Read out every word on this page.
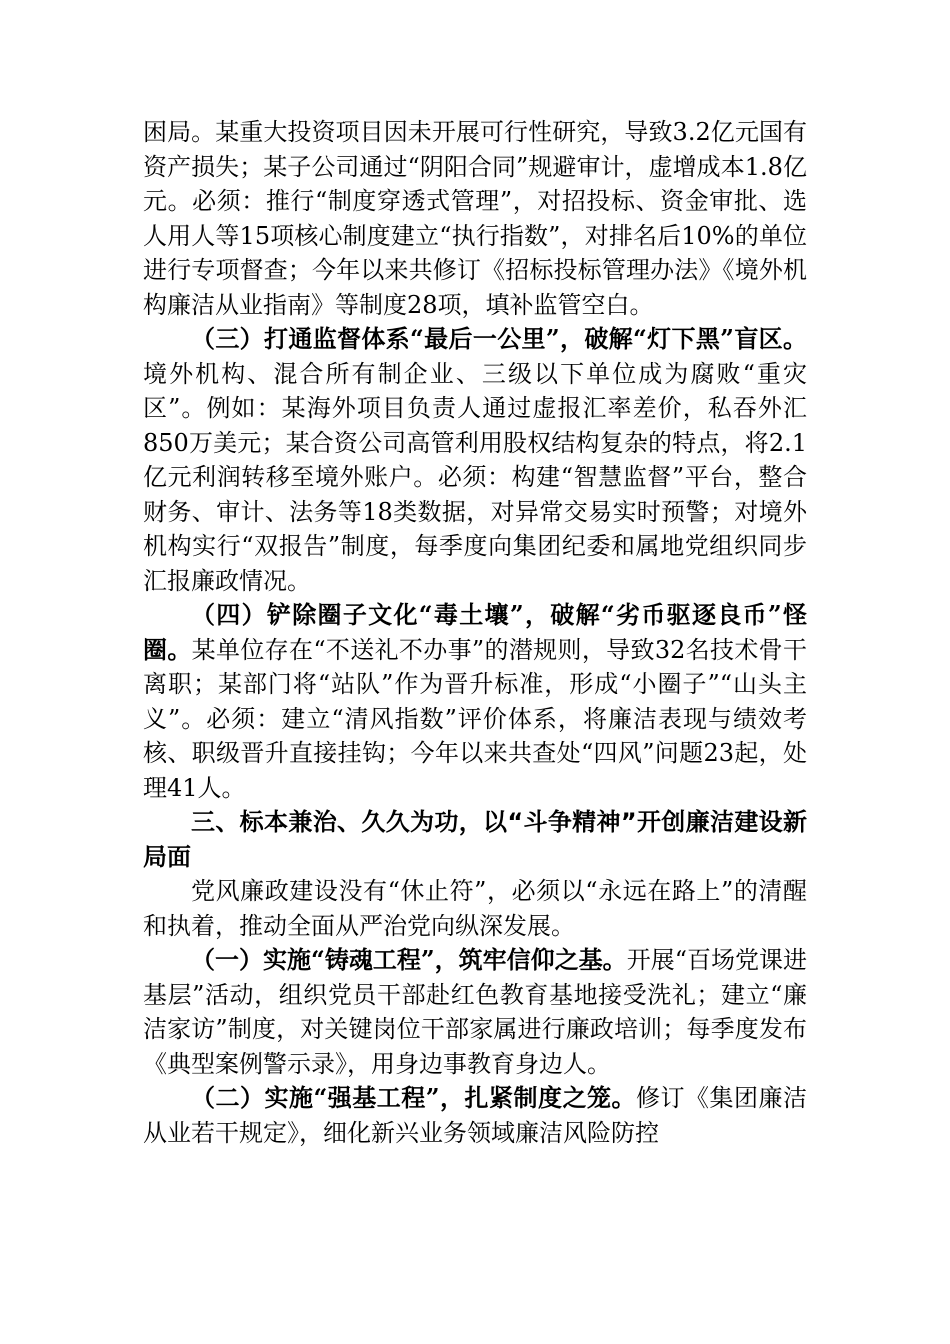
困局。某重大投资项目因未开展可行性研究，导致3.2亿元国有资产损失；某子公司通过“阴阳合同”规避审计，虚增成本1.8亿元。必须：推行“制度穿透式管理”，对招投标、资金审批、选人用人等15项核心制度建立“执行指数”，对排名后10%的单位进行专项督查；今年以来共修订《招标投标管理办法》《境外机构廉洁从业指南》等制度28项，填补监管空白。

（三）打通监督体系“最后一公里”，破解“灯下黑”盲区。境外机构、混合所有制企业、三级以下单位成为腐败“重灾区”。例如：某海外项目负责人通过虚报汇率差价，私吞外汇850万美元；某合资公司高管利用股权结构复杂的特点，将2.1亿元利润转移至境外账户。必须：构建“智慧监督”平台，整合财务、审计、法务等18类数据，对异常交易实时预警；对境外机构实行“双报告”制度，每季度向集团纪委和属地党组织同步汇报廉政情况。

（四）铲除圈子文化“毒土壤”，破解“劣币驱逐良币”怪圈。某单位存在“不送礼不办事”的潜规则，导致32名技术骨干离职；某部门将“站队”作为晋升标准，形成“小圈子”“山头主义”。必须：建立“清风指数”评价体系，将廉洁表现与绩效考核、职级晋升直接挂钩；今年以来共查处“四风”问题23起，处理41人。

三、标本兼治、久久为功，以“斗争精神”开创廉洁建设新局面

党风廉政建设没有“休止符”，必须以“永远在路上”的清醒和执着，推动全面从严治党向纵深发展。

（一）实施“铸魂工程”，筑牢信仰之基。开展“百场党课进基层”活动，组织党员干部赴红色教育基地接受洗礼；建立“廉洁家访”制度，对关键岗位干部家属进行廉政培训；每季度发布《典型案例警示录》，用身边事教育身边人。

（二）实施“强基工程”，扎紧制度之笼。修订《集团廉洁从业若干规定》，细化新兴业务领域廉洁风险防控
